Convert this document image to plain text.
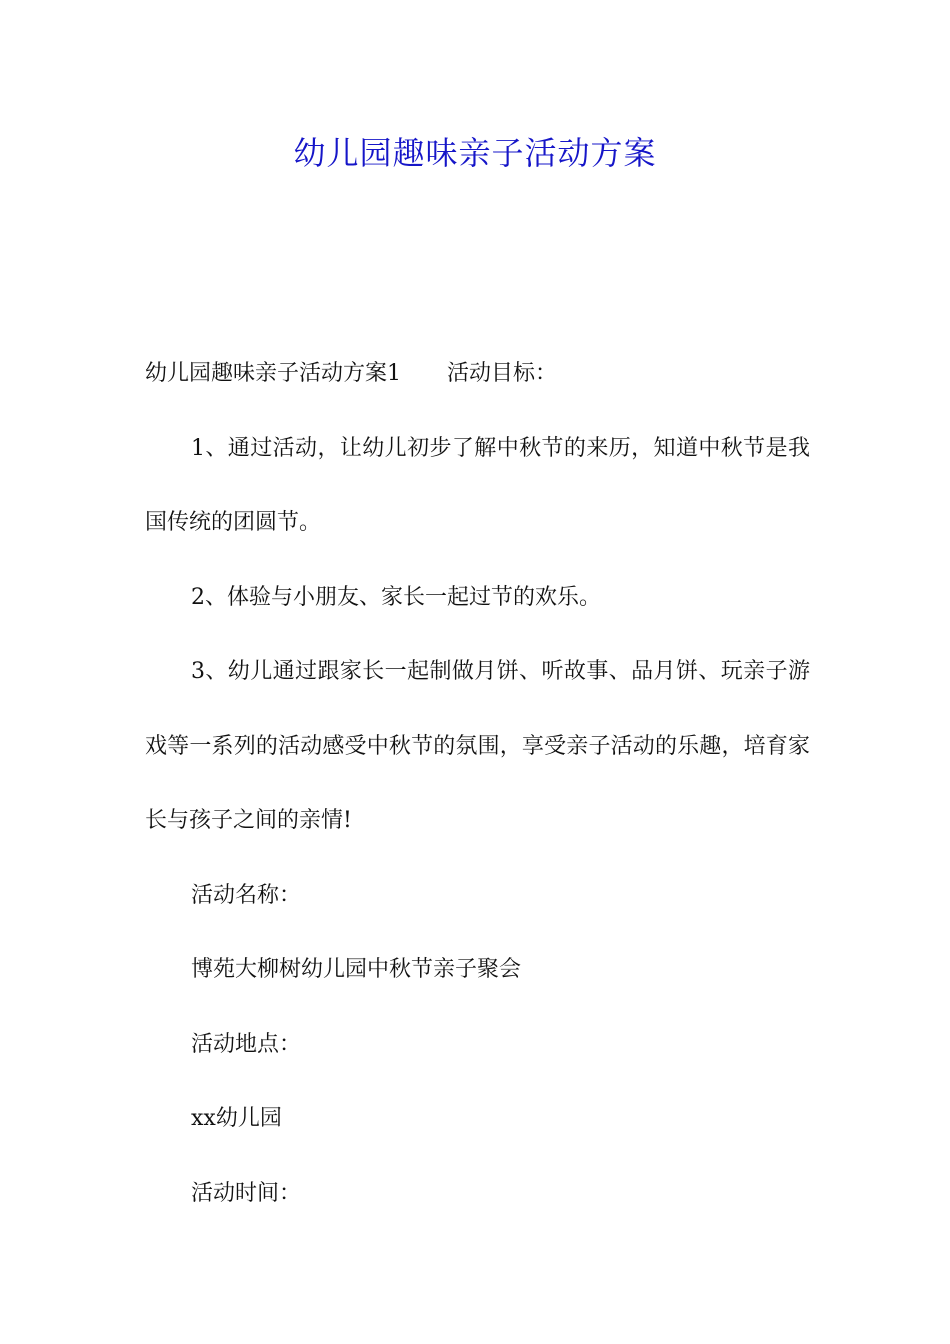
幼儿园趣味亲子活动方案

幼儿园趣味亲子活动方案1 活动目标：

1、通过活动，让幼儿初步了解中秋节的来历，知道中秋节是我国传统的团圆节。

2、体验与小朋友、家长一起过节的欢乐。

3、幼儿通过跟家长一起制做月饼、听故事、品月饼、玩亲子游戏等一系列的活动感受中秋节的氛围，享受亲子活动的乐趣，培育家长与孩子之间的亲情!

活动名称：

博苑大柳树幼儿园中秋节亲子聚会

活动地点：

xx幼儿园

活动时间：
